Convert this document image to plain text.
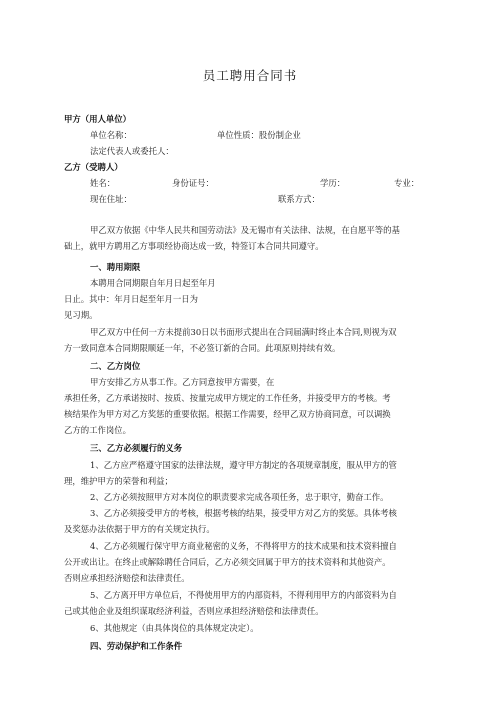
员工聘用合同书
甲方（用人单位）
单位名称：	单位性质：股份制企业
法定代表人或委托人：
乙方（受聘人）
姓名：	身份证号：	学历：	专业：
现在住址：	联系方式：
甲乙双方依据《中华人民共和国劳动法》及无锡市有关法律、法规，在自愿平等的基
础上，就甲方聘用乙方事项经协商达成一致，特签订本合同共同遵守。
一、聘用期限
本聘用合同期限自年月日起至年月
日止。其中：年月日起至年月一日为
见习期。
甲乙双方中任何一方未提前30日以书面形式提出在合同届满时终止本合同,则视为双
方一致同意本合同期限顺延一年，不必签订新的合同。此项原则持续有效。
二、乙方岗位
甲方安排乙方从事工作。乙方同意按甲方需要，在
承担任务，乙方承诺按时、按质、按量完成甲方规定的工作任务，并接受甲方的考核。考
核结果作为甲方对乙方奖惩的重要依据。根据工作需要，经甲乙双方协商同意，可以调换
乙方的工作岗位。
三、乙方必须履行的义务
1、乙方应严格遵守国家的法律法规，遵守甲方制定的各项规章制度，服从甲方的管
理，维护甲方的荣誉和利益；
2、乙方必须按照甲方对本岗位的职责要求完成各项任务，忠于职守，勤奋工作。
3、乙方必须接受甲方的考核，根据考核的结果，接受甲方对乙方的奖惩。具体考核
及奖惩办法依据于甲方的有关规定执行。
4、乙方必须履行保守甲方商业秘密的义务，不得将甲方的技术成果和技术资料擅自
公开或出让。在终止或解除聘任合同后，乙方必须交回属于甲方的技术资料和其他资产。
否则应承担经济赔偿和法律责任。
5、乙方离开甲方单位后，不得使用甲方的内部资料，不得利用甲方的内部资料为自
己或其他企业及组织谋取经济利益，否则应承担经济赔偿和法律责任。
6、其他规定（由具体岗位的具体规定决定）。
四、劳动保护和工作条件
